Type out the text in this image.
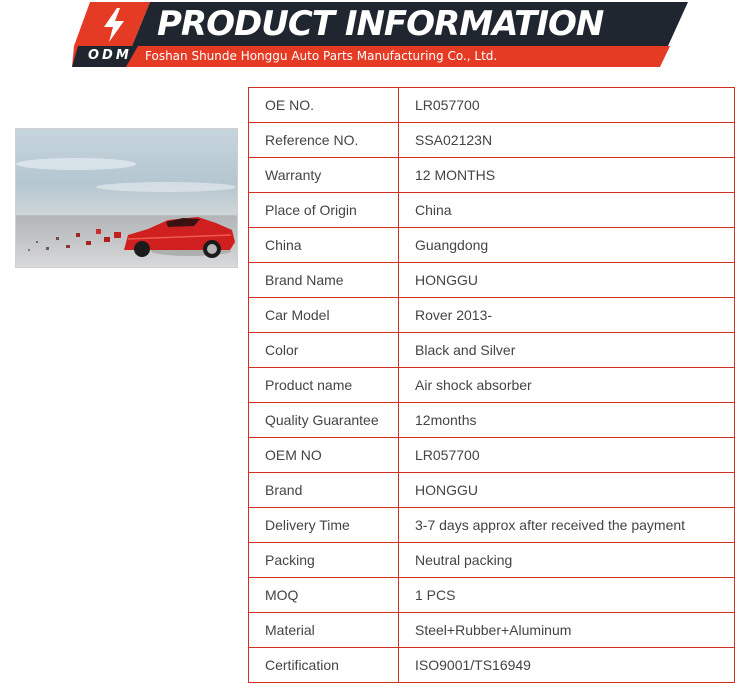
PRODUCT INFORMATION
ODM Foshan Shunde Honggu Auto Parts Manufacturing Co., Ltd.
OE NO.	LR057700
Reference NO.	SSA02123N
Warranty	12 MONTHS
Place of Origin	China
China	Guangdong
Brand Name	HONGGU
Car Model	Rover 2013-
Color	Black and Silver
Product name	Air shock absorber
Quality Guarantee	12months
OEM NO	LR057700
Brand	HONGGU
Delivery Time	3-7 days approx after received the payment
Packing	Neutral packing
MOQ	1 PCS
Material	Steel+Rubber+Aluminum
Certification	ISO9001/TS16949
